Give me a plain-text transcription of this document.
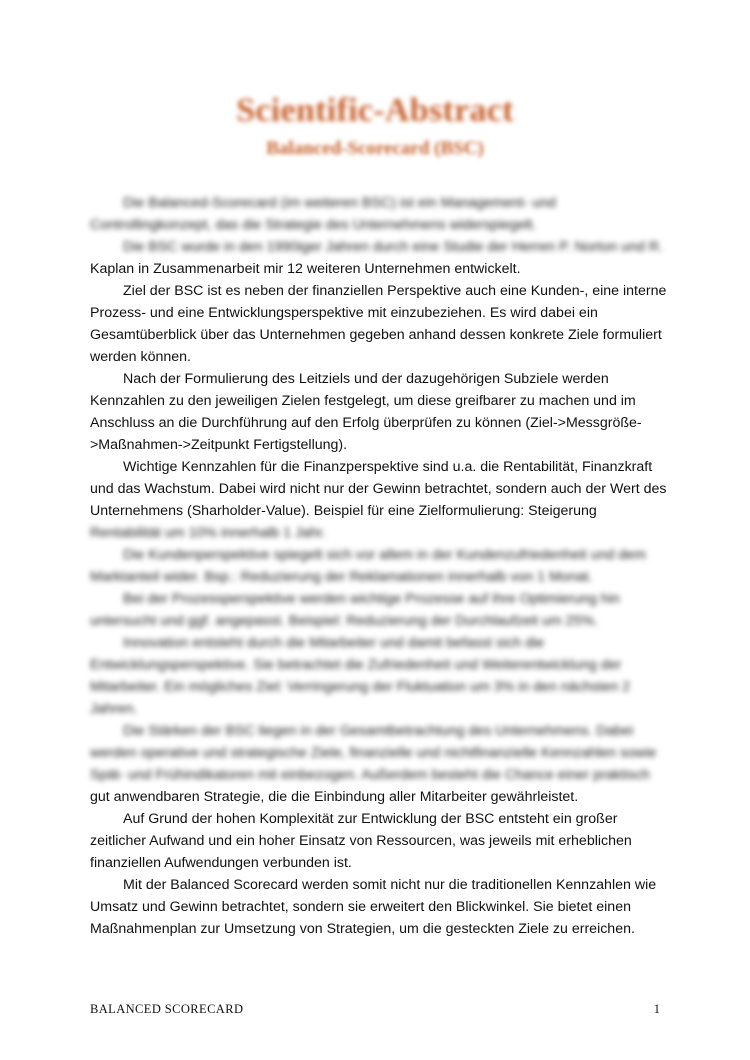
Scientific-Abstract
Balanced-Scorecard (BSC)
Die Balanced-Scorecard (im weiteren BSC) ist ein Management- und
Controllingkonzept, das die Strategie des Unternehmens widerspiegelt.
Die BSC wurde in den 1990iger Jahren durch eine Studie der Herren P. Norton und R.
Kaplan in Zusammenarbeit mir 12 weiteren Unternehmen entwickelt.
Ziel der BSC ist es neben der finanziellen Perspektive auch eine Kunden-, eine interne
Prozess- und eine Entwicklungsperspektive mit einzubeziehen. Es wird dabei ein
Gesamtüberblick über das Unternehmen gegeben anhand dessen konkrete Ziele formuliert
werden können.
Nach der Formulierung des Leitziels und der dazugehörigen Subziele werden
Kennzahlen zu den jeweiligen Zielen festgelegt, um diese greifbarer zu machen und im
Anschluss an die Durchführung auf den Erfolg überprüfen zu können (Ziel->Messgröße-
>Maßnahmen->Zeitpunkt Fertigstellung).
Wichtige Kennzahlen für die Finanzperspektive sind u.a. die Rentabilität, Finanzkraft
und das Wachstum. Dabei wird nicht nur der Gewinn betrachtet, sondern auch der Wert des
Unternehmens (Sharholder-Value). Beispiel für eine Zielformulierung: Steigerung
Rentabilität um 10% innerhalb 1 Jahr.
Die Kundenperspektive spiegelt sich vor allem in der Kundenzufriedenheit und dem
Marktanteil wider. Bsp.: Reduzierung der Reklamationen innerhalb von 1 Monat.
Bei der Prozessperspektive werden wichtige Prozesse auf ihre Optimierung hin
untersucht und ggf. angepasst. Beispiel: Reduzierung der Durchlaufzeit um 25%.
Innovation entsteht durch die Mitarbeiter und damit befasst sich die
Entwicklungsperspektive. Sie betrachtet die Zufriedenheit und Weiterentwicklung der
Mitarbeiter. Ein mögliches Ziel: Verringerung der Fluktuation um 3% in den nächsten 2
Jahren.
Die Stärken der BSC liegen in der Gesamtbetrachtung des Unternehmens. Dabei
werden operative und strategische Ziele, finanzielle und nichtfinanzielle Kennzahlen sowie
Spät- und Frühindikatoren mit einbezogen. Außerdem besteht die Chance einer praktisch
gut anwendbaren Strategie, die die Einbindung aller Mitarbeiter gewährleistet.
Auf Grund der hohen Komplexität zur Entwicklung der BSC entsteht ein großer
zeitlicher Aufwand und ein hoher Einsatz von Ressourcen, was jeweils mit erheblichen
finanziellen Aufwendungen verbunden ist.
Mit der Balanced Scorecard werden somit nicht nur die traditionellen Kennzahlen wie
Umsatz und Gewinn betrachtet, sondern sie erweitert den Blickwinkel. Sie bietet einen
Maßnahmenplan zur Umsetzung von Strategien, um die gesteckten Ziele zu erreichen.
BALANCED SCORECARD	1
